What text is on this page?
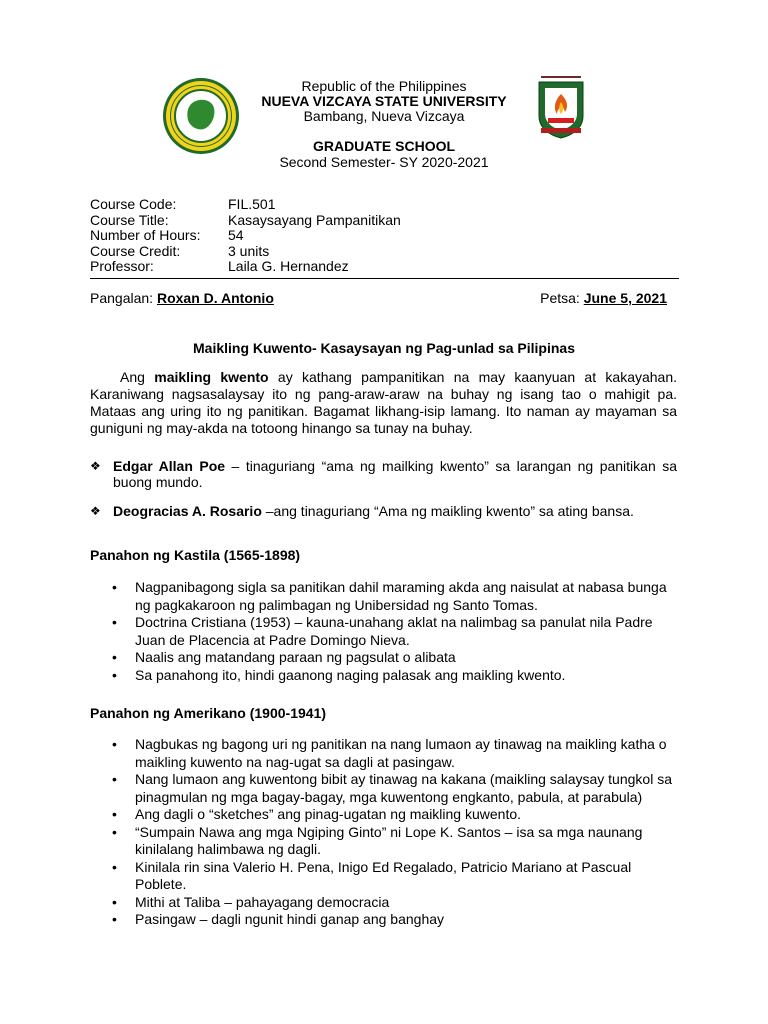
Republic of the Philippines
NUEVA VIZCAYA STATE UNIVERSITY
Bambang, Nueva Vizcaya
GRADUATE SCHOOL
Second Semester- SY 2020-2021
Course Code:	FIL.501
Course Title:	Kasaysayang Pampanitikan
Number of Hours:	54
Course Credit:	3 units
Professor:	Laila G. Hernandez
Pangalan: Roxan D. Antonio	Petsa: June 5, 2021
Maikling Kuwento- Kasaysayan ng Pag-unlad sa Pilipinas
Ang maikling kwento ay kathang pampanitikan na may kaanyuan at kakayahan. Karaniwang nagsasalaysay ito ng pang-araw-araw na buhay ng isang tao o mahigit pa. Mataas ang uring ito ng panitikan. Bagamat likhang-isip lamang. Ito naman ay mayaman sa guniguni ng may-akda na totoong hinango sa tunay na buhay.
❖ Edgar Allan Poe – tinaguriang “ama ng mailking kwento” sa larangan ng panitikan sa buong mundo.
❖ Deogracias A. Rosario –ang tinaguriang “Ama ng maikling kwento” sa ating bansa.
Panahon ng Kastila (1565-1898)
• Nagpanibagong sigla sa panitikan dahil maraming akda ang naisulat at nabasa bunga ng pagkakaroon ng palimbagan ng Unibersidad ng Santo Tomas.
• Doctrina Cristiana (1953) – kauna-unahang aklat na nalimbag sa panulat nila Padre Juan de Placencia at Padre Domingo Nieva.
• Naalis ang matandang paraan ng pagsulat o alibata
• Sa panahong ito, hindi gaanong naging palasak ang maikling kwento.
Panahon ng Amerikano (1900-1941)
• Nagbukas ng bagong uri ng panitikan na nang lumaon ay tinawag na maikling katha o maikling kuwento na nag-ugat sa dagli at pasingaw.
• Nang lumaon ang kuwentong bibit ay tinawag na kakana (maikling salaysay tungkol sa pinagmulan ng mga bagay-bagay, mga kuwentong engkanto, pabula, at parabula)
• Ang dagli o “sketches” ang pinag-ugatan ng maikling kuwento.
• “Sumpain Nawa ang mga Ngiping Ginto” ni Lope K. Santos – isa sa mga naunang kinilalang halimbawa ng dagli.
• Kinilala rin sina Valerio H. Pena, Inigo Ed Regalado, Patricio Mariano at Pascual Poblete.
• Mithi at Taliba – pahayagang democracia
• Pasingaw – dagli ngunit hindi ganap ang banghay
